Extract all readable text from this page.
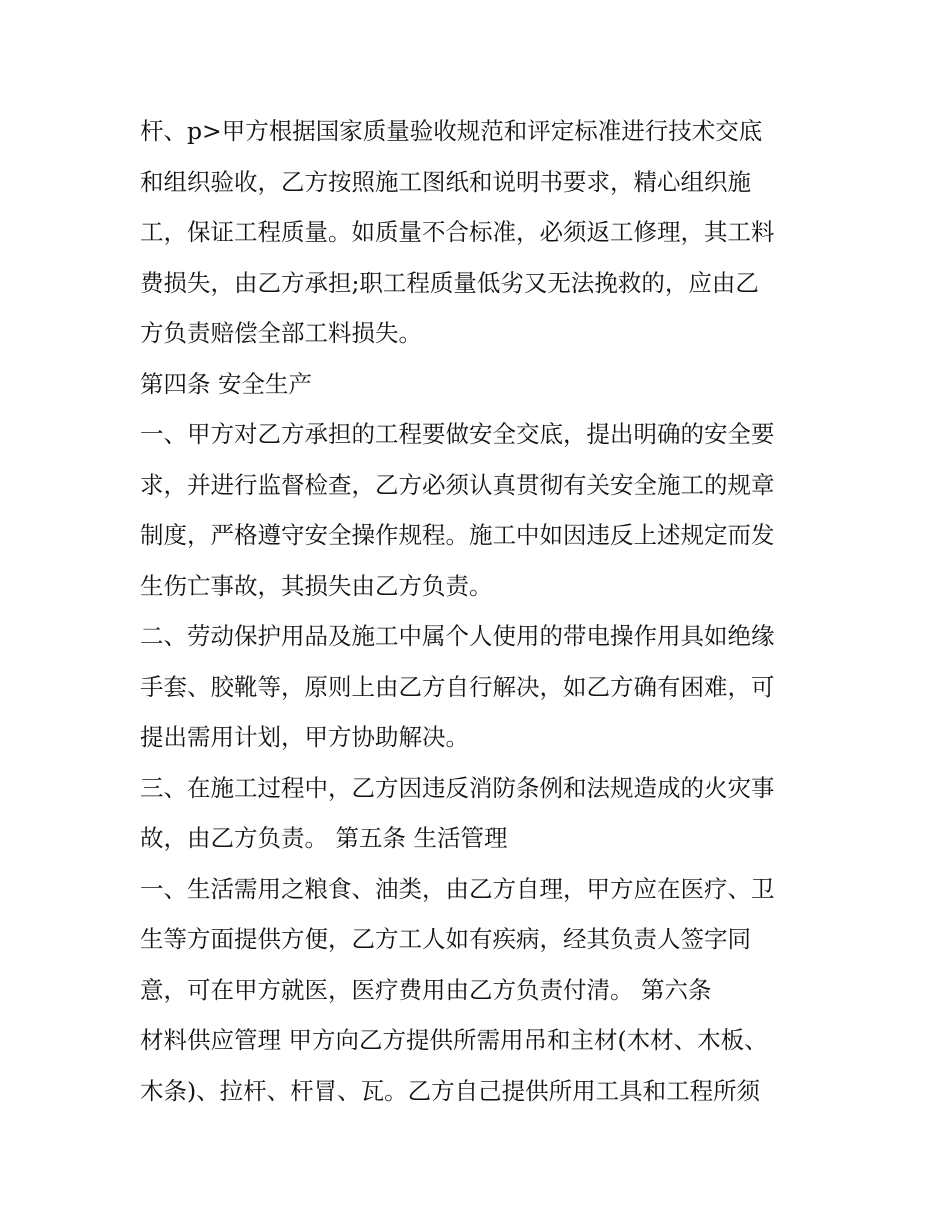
杆、p>甲方根据国家质量验收规范和评定标准进行技术交底
和组织验收，乙方按照施工图纸和说明书要求，精心组织施
工，保证工程质量。如质量不合标准，必须返工修理，其工料
费损失，由乙方承担;职工程质量低劣又无法挽救的，应由乙
方负责赔偿全部工料损失。
第四条 安全生产
一、甲方对乙方承担的工程要做安全交底，提出明确的安全要
求，并进行监督检查，乙方必须认真贯彻有关安全施工的规章
制度，严格遵守安全操作规程。施工中如因违反上述规定而发
生伤亡事故，其损失由乙方负责。
二、劳动保护用品及施工中属个人使用的带电操作用具如绝缘
手套、胶靴等，原则上由乙方自行解决，如乙方确有困难，可
提出需用计划，甲方协助解决。
三、在施工过程中，乙方因违反消防条例和法规造成的火灾事
故，由乙方负责。 第五条 生活管理
一、生活需用之粮食、油类，由乙方自理，甲方应在医疗、卫
生等方面提供方便，乙方工人如有疾病，经其负责人签字同
意，可在甲方就医，医疗费用由乙方负责付清。 第六条
材料供应管理 甲方向乙方提供所需用吊和主材(木材、木板、
木条)、拉杆、杆冒、瓦。乙方自己提供所用工具和工程所须
